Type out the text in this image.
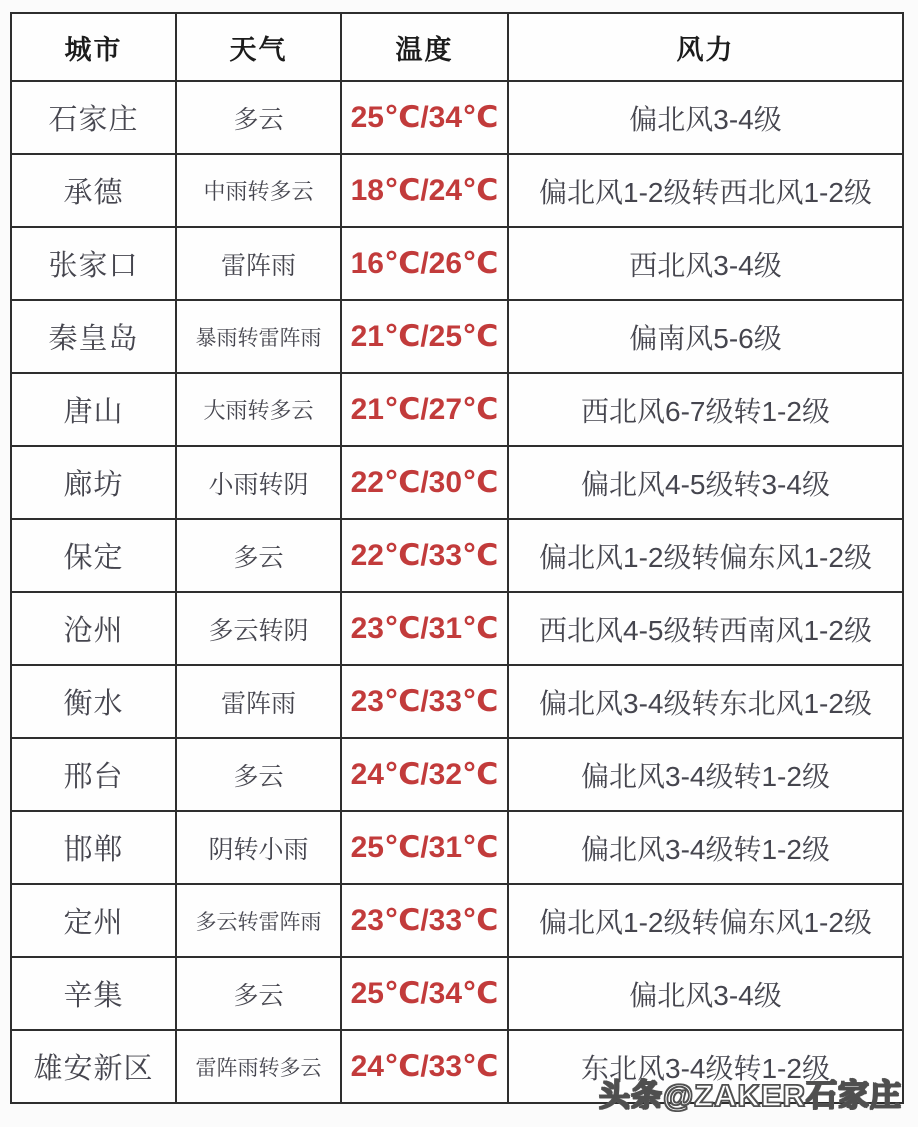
城市	天气	温度	风力
石家庄	多云	25℃/34℃	偏北风3-4级
承德	中雨转多云	18℃/24℃	偏北风1-2级转西北风1-2级
张家口	雷阵雨	16℃/26℃	西北风3-4级
秦皇岛	暴雨转雷阵雨	21℃/25℃	偏南风5-6级
唐山	大雨转多云	21℃/27℃	西北风6-7级转1-2级
廊坊	小雨转阴	22℃/30℃	偏北风4-5级转3-4级
保定	多云	22℃/33℃	偏北风1-2级转偏东风1-2级
沧州	多云转阴	23℃/31℃	西北风4-5级转西南风1-2级
衡水	雷阵雨	23℃/33℃	偏北风3-4级转东北风1-2级
邢台	多云	24℃/32℃	偏北风3-4级转1-2级
邯郸	阴转小雨	25℃/31℃	偏北风3-4级转1-2级
定州	多云转雷阵雨	23℃/33℃	偏北风1-2级转偏东风1-2级
辛集	多云	25℃/34℃	偏北风3-4级
雄安新区	雷阵雨转多云	24℃/33℃	东北风3-4级转1-2级
头条@ZAKER石家庄
